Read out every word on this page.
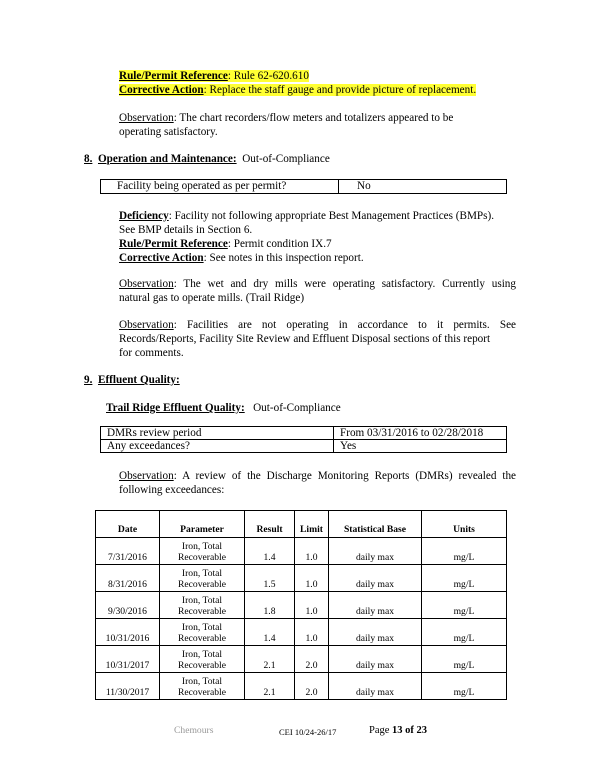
Rule/Permit Reference: Rule 62-620.610
Corrective Action: Replace the staff gauge and provide picture of replacement.
Observation: The chart recorders/flow meters and totalizers appeared to be
operating satisfactory.
8. Operation and Maintenance: Out-of-Compliance
Facility being operated as per permit?	No
Deficiency: Facility not following appropriate Best Management Practices (BMPs).
See BMP details in Section 6.
Rule/Permit Reference: Permit condition IX.7
Corrective Action: See notes in this inspection report.
Observation: The wet and dry mills were operating satisfactory. Currently using
natural gas to operate mills. (Trail Ridge)
Observation: Facilities are not operating in accordance to it permits. See
Records/Reports, Facility Site Review and Effluent Disposal sections of this report
for comments.
9. Effluent Quality:
Trail Ridge Effluent Quality: Out-of-Compliance
DMRs review period	From 03/31/2016 to 02/28/2018
Any exceedances?	Yes
Observation: A review of the Discharge Monitoring Reports (DMRs) revealed the
following exceedances:
Date	Parameter	Result	Limit	Statistical Base	Units
7/31/2016	Iron, Total
Recoverable	1.4	1.0	daily max	mg/L
8/31/2016	Iron, Total
Recoverable	1.5	1.0	daily max	mg/L
9/30/2016	Iron, Total
Recoverable	1.8	1.0	daily max	mg/L
10/31/2016	Iron, Total
Recoverable	1.4	1.0	daily max	mg/L
10/31/2017	Iron, Total
Recoverable	2.1	2.0	daily max	mg/L
11/30/2017	Iron, Total
Recoverable	2.1	2.0	daily max	mg/L
Chemours	CEI 10/24-26/17	Page 13 of 23
